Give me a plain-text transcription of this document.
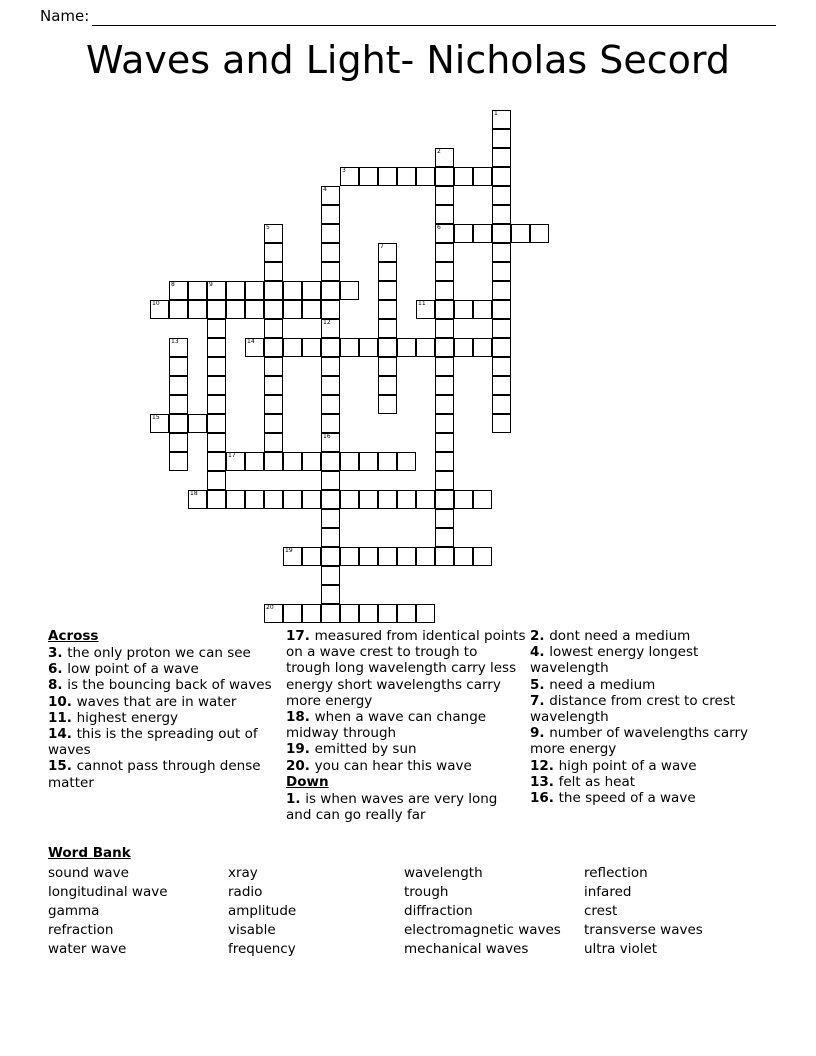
Name:
Waves and Light- Nicholas Secord
1
2
6
3
4
12
16
5
7
8	9
10	11
13	14
15
17
18
19
20
Across
3. the only proton we can see
6. low point of a wave
8. is the bouncing back of waves
10. waves that are in water
11. highest energy
14. this is the spreading out of waves
15. cannot pass through dense matter
17. measured from identical points on a wave crest to trough to trough long wavelength carry less energy short wavelengths carry more energy
18. when a wave can change midway through
19. emitted by sun
20. you can hear this wave
Down
1. is when waves are very long and can go really far
2. dont need a medium
4. lowest energy longest wavelength
5. need a medium
7. distance from crest to crest wavelength
9. number of wavelengths carry more energy
12. high point of a wave
13. felt as heat
16. the speed of a wave
Word Bank
sound wave	xray	wavelength	reflection
longitudinal wave	radio	trough	infared
gamma	amplitude	diffraction	crest
refraction	visable	electromagnetic waves	transverse waves
water wave	frequency	mechanical waves	ultra violet
